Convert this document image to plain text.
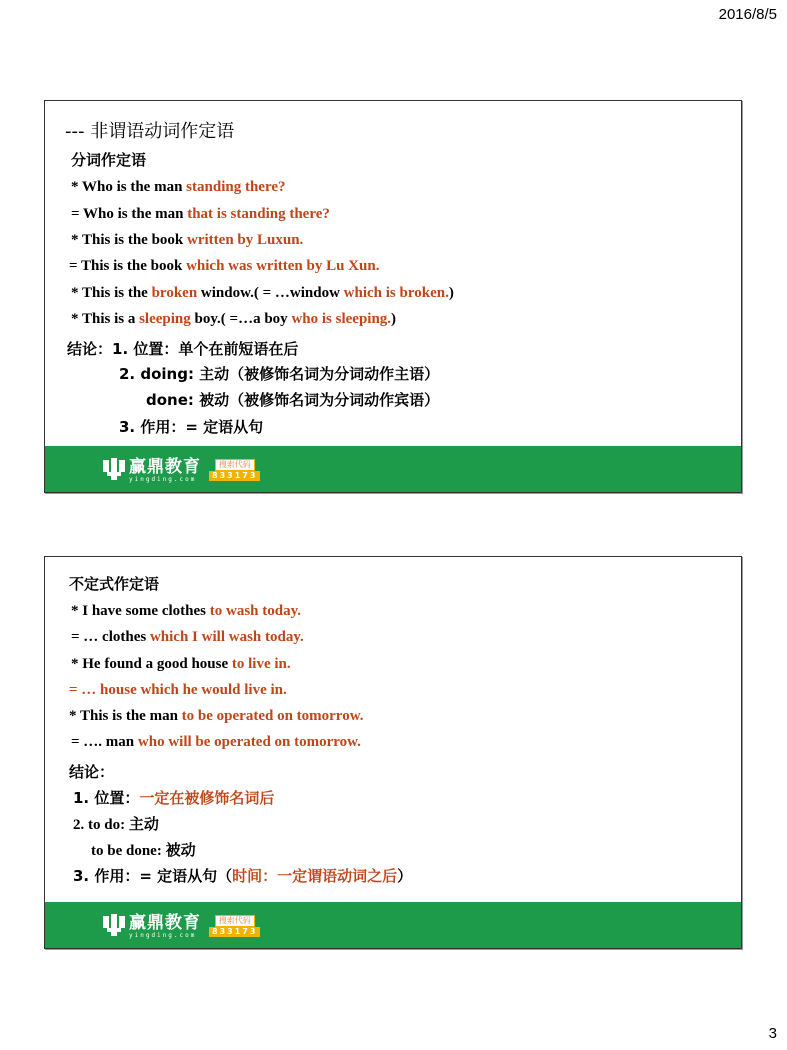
2016/8/5
--- 非谓语动词作定语
分词作定语
* Who is the man standing there?
= Who is the man that is standing there?
* This is the book written by Luxun.
= This is the book which was written by Lu Xun.
* This is the broken window.( = …window which is broken.)
* This is a sleeping boy.( =…a boy who is sleeping.)
结论：1. 位置：单个在前短语在后
2. doing: 主动（被修饰名词为分词动作主语）
done: 被动（被修饰名词为分词动作宾语）
3. 作用：= 定语从句
赢鼎教育
yingding.com
搜索代码
833173
不定式作定语
* I have some clothes to wash today.
= … clothes which I will wash today.
* He found a good house to live in.
= … house which he would live in.
* This is the man to be operated on tomorrow.
= …. man who will be operated on tomorrow.
结论：
1. 位置：一定在被修饰名词后
2. to do: 主动
to be done: 被动
3. 作用：= 定语从句（时间：一定谓语动词之后）
赢鼎教育
yingding.com
搜索代码
833173
3
